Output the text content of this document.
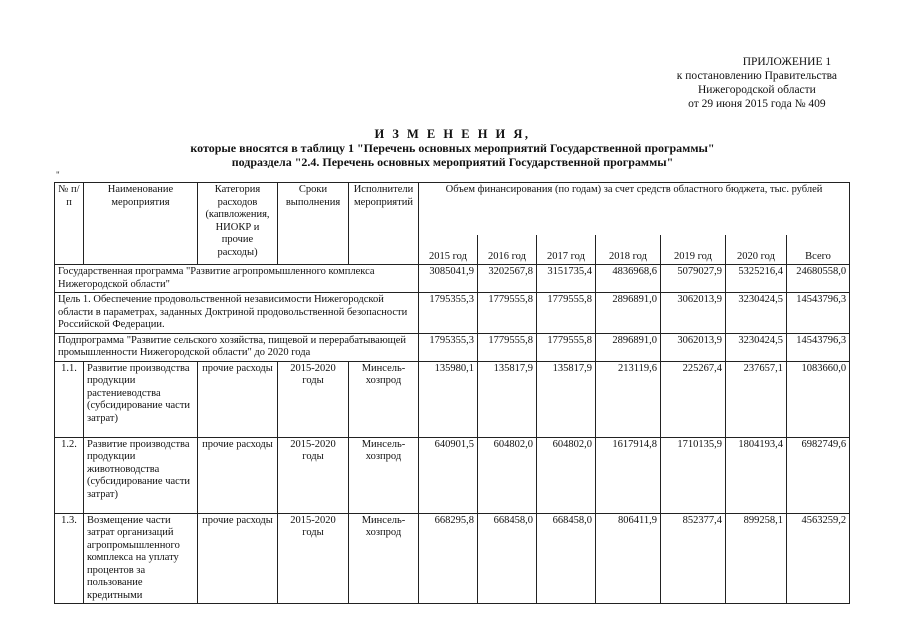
ПРИЛОЖЕНИЕ 1
к постановлению Правительства
Нижегородской области
от 29 июня 2015 года № 409
И З М Е Н Е Н И Я,
которые вносятся в таблицу 1 "Перечень основных мероприятий Государственной программы"
подраздела "2.4. Перечень основных мероприятий Государственной программы"
"
№ п/п	Наименование мероприятия	Категория расходов (капвложения, НИОКР и прочие расходы)	Сроки выполнения	Исполнители мероприятий	Объем финансирования (по годам) за счет средств областного бюджета, тыс. рублей						
					2015 год	2016 год	2017 год	2018 год	2019 год	2020 год	Всего
Государственная программа "Развитие агропромышленного комплекса Нижегородской области"					3085041,9	3202567,8	3151735,4	4836968,6	5079027,9	5325216,4	24680558,0
Цель 1. Обеспечение продовольственной независимости Нижегородской области в параметрах, заданных Доктриной продовольственной безопасности Российской Федерации.					1795355,3	1779555,8	1779555,8	2896891,0	3062013,9	3230424,5	14543796,3
Подпрограмма "Развитие сельского хозяйства, пищевой и перерабатывающей промышленности Нижегородской области" до 2020 года					1795355,3	1779555,8	1779555,8	2896891,0	3062013,9	3230424,5	14543796,3
1.1.	Развитие производства продукции растениеводства (субсидирование части затрат)	прочие расходы	2015-2020 годы	Минсель-хозпрод	135980,1	135817,9	135817,9	213119,6	225267,4	237657,1	1083660,0
1.2.	Развитие производства продукции животноводства (субсидирование части затрат)	прочие расходы	2015-2020 годы	Минсель-хозпрод	640901,5	604802,0	604802,0	1617914,8	1710135,9	1804193,4	6982749,6
1.3.	Возмещение части затрат организаций агропромышленного комплекса на уплату процентов за пользование кредитными	прочие расходы	2015-2020 годы	Минсель-хозпрод	668295,8	668458,0	668458,0	806411,9	852377,4	899258,1	4563259,2
